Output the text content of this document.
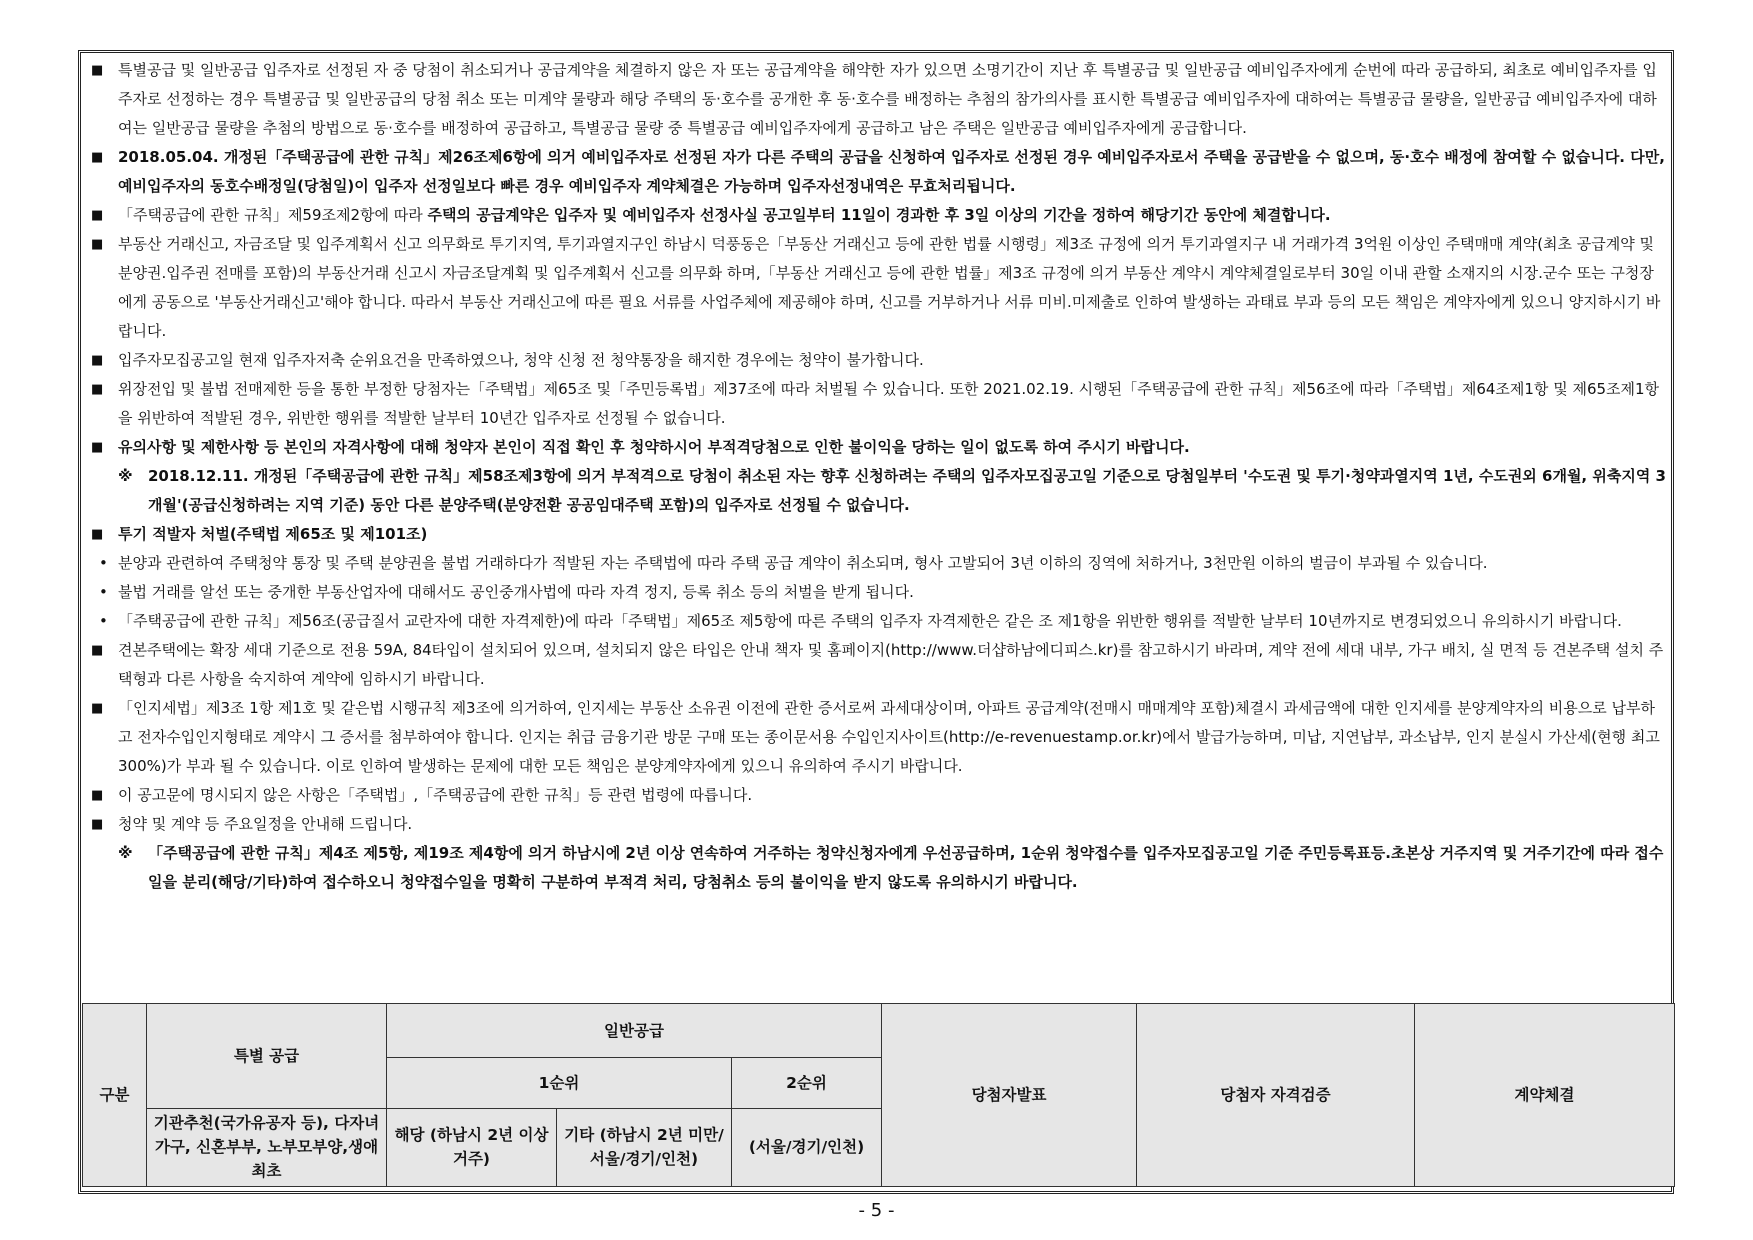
■ 특별공급 및 일반공급 입주자로 선정된 자 중 당첨이 취소되거나 공급계약을 체결하지 않은 자 또는 공급계약을 해약한 자가 있으면 소명기간이 지난 후 특별공급 및 일반공급 예비입주자에게 순번에 따라 공급하되, 최초로 예비입주자를 입주자로 선정하는 경우 특별공급 및 일반공급의 당첨 취소 또는 미계약 물량과 해당 주택의 동·호수를 공개한 후 동·호수를 배정하는 추첨의 참가의사를 표시한 특별공급 예비입주자에 대하여는 특별공급 물량을, 일반공급 예비입주자에 대하여는 일반공급 물량을 추첨의 방법으로 동·호수를 배정하여 공급하고, 특별공급 물량 중 특별공급 예비입주자에게 공급하고 남은 주택은 일반공급 예비입주자에게 공급합니다.

■ 2018.05.04. 개정된「주택공급에 관한 규칙」제26조제6항에 의거 예비입주자로 선정된 자가 다른 주택의 공급을 신청하여 입주자로 선정된 경우 예비입주자로서 주택을 공급받을 수 없으며, 동·호수 배정에 참여할 수 없습니다. 다만, 예비입주자의 동호수배정일(당첨일)이 입주자 선정일보다 빠른 경우 예비입주자 계약체결은 가능하며 입주자선정내역은 무효처리됩니다.

■ 「주택공급에 관한 규칙」제59조제2항에 따라 주택의 공급계약은 입주자 및 예비입주자 선정사실 공고일부터 11일이 경과한 후 3일 이상의 기간을 정하여 해당기간 동안에 체결합니다.

■ 부동산 거래신고, 자금조달 및 입주계획서 신고 의무화로 투기지역, 투기과열지구인 하남시 덕풍동은「부동산 거래신고 등에 관한 법률 시행령」제3조 규정에 의거 투기과열지구 내 거래가격 3억원 이상인 주택매매 계약(최초 공급계약 및 분양권.입주권 전매를 포함)의 부동산거래 신고시 자금조달계획 및 입주계획서 신고를 의무화 하며,「부동산 거래신고 등에 관한 법률」제3조 규정에 의거 부동산 계약시 계약체결일로부터 30일 이내 관할 소재지의 시장.군수 또는 구청장에게 공동으로 '부동산거래신고'해야 합니다. 따라서 부동산 거래신고에 따른 필요 서류를 사업주체에 제공해야 하며, 신고를 거부하거나 서류 미비.미제출로 인하여 발생하는 과태료 부과 등의 모든 책임은 계약자에게 있으니 양지하시기 바랍니다.

■ 입주자모집공고일 현재 입주자저축 순위요건을 만족하였으나, 청약 신청 전 청약통장을 해지한 경우에는 청약이 불가합니다.

■ 위장전입 및 불법 전매제한 등을 통한 부정한 당첨자는「주택법」제65조 및「주민등록법」제37조에 따라 처벌될 수 있습니다. 또한 2021.02.19. 시행된「주택공급에 관한 규칙」제56조에 따라「주택법」제64조제1항 및 제65조제1항을 위반하여 적발된 경우, 위반한 행위를 적발한 날부터 10년간 입주자로 선정될 수 없습니다.

■ 유의사항 및 제한사항 등 본인의 자격사항에 대해 청약자 본인이 직접 확인 후 청약하시어 부적격당첨으로 인한 불이익을 당하는 일이 없도록 하여 주시기 바랍니다.

※ 2018.12.11. 개정된「주택공급에 관한 규칙」제58조제3항에 의거 부적격으로 당첨이 취소된 자는 향후 신청하려는 주택의 입주자모집공고일 기준으로 당첨일부터 '수도권 및 투기·청약과열지역 1년, 수도권외 6개월, 위축지역 3개월'(공급신청하려는 지역 기준) 동안 다른 분양주택(분양전환 공공임대주택 포함)의 입주자로 선정될 수 없습니다.

■ 투기 적발자 처벌(주택법 제65조 및 제101조)

• 분양과 관련하여 주택청약 통장 및 주택 분양권을 불법 거래하다가 적발된 자는 주택법에 따라 주택 공급 계약이 취소되며, 형사 고발되어 3년 이하의 징역에 처하거나, 3천만원 이하의 벌금이 부과될 수 있습니다.

• 불법 거래를 알선 또는 중개한 부동산업자에 대해서도 공인중개사법에 따라 자격 정지, 등록 취소 등의 처벌을 받게 됩니다.

• 「주택공급에 관한 규칙」제56조(공급질서 교란자에 대한 자격제한)에 따라「주택법」제65조 제5항에 따른 주택의 입주자 자격제한은 같은 조 제1항을 위반한 행위를 적발한 날부터 10년까지로 변경되었으니 유의하시기 바랍니다.

■ 견본주택에는 확장 세대 기준으로 전용 59A, 84타입이 설치되어 있으며, 설치되지 않은 타입은 안내 책자 및 홈페이지(http://www.더샵하남에디피스.kr)를 참고하시기 바라며, 계약 전에 세대 내부, 가구 배치, 실 면적 등 견본주택 설치 주택형과 다른 사항을 숙지하여 계약에 임하시기 바랍니다.

■ 「인지세법」제3조 1항 제1호 및 같은법 시행규칙 제3조에 의거하여, 인지세는 부동산 소유권 이전에 관한 증서로써 과세대상이며, 아파트 공급계약(전매시 매매계약 포함)체결시 과세금액에 대한 인지세를 분양계약자의 비용으로 납부하고 전자수입인지형태로 계약시 그 증서를 첨부하여야 합니다. 인지는 취급 금융기관 방문 구매 또는 종이문서용 수입인지사이트(http://e-revenuestamp.or.kr)에서 발급가능하며, 미납, 지연납부, 과소납부, 인지 분실시 가산세(현행 최고 300%)가 부과 될 수 있습니다. 이로 인하여 발생하는 문제에 대한 모든 책임은 분양계약자에게 있으니 유의하여 주시기 바랍니다.

■ 이 공고문에 명시되지 않은 사항은「주택법」,「주택공급에 관한 규칙」등 관련 법령에 따릅니다.

■ 청약 및 계약 등 주요일정을 안내해 드립니다.

※ 「주택공급에 관한 규칙」제4조 제5항, 제19조 제4항에 의거 하남시에 2년 이상 연속하여 거주하는 청약신청자에게 우선공급하며, 1순위 청약접수를 입주자모집공고일 기준 주민등록표등.초본상 거주지역 및 거주기간에 따라 접수일을 분리(해당/기타)하여 접수하오니 청약접수일을 명확히 구분하여 부적격 처리, 당첨취소 등의 불이익을 받지 않도록 유의하시기 바랍니다.

구분	특별 공급	일반공급			당첨자발표	당첨자 자격검증	계약체결
		1순위		2순위			
	기관추천(국가유공자 등), 다자녀가구, 신혼부부, 노부모부양,생애최초	해당 (하남시 2년 이상 거주)	기타 (하남시 2년 미만/서울/경기/인천)	(서울/경기/인천)			
- 5 -
